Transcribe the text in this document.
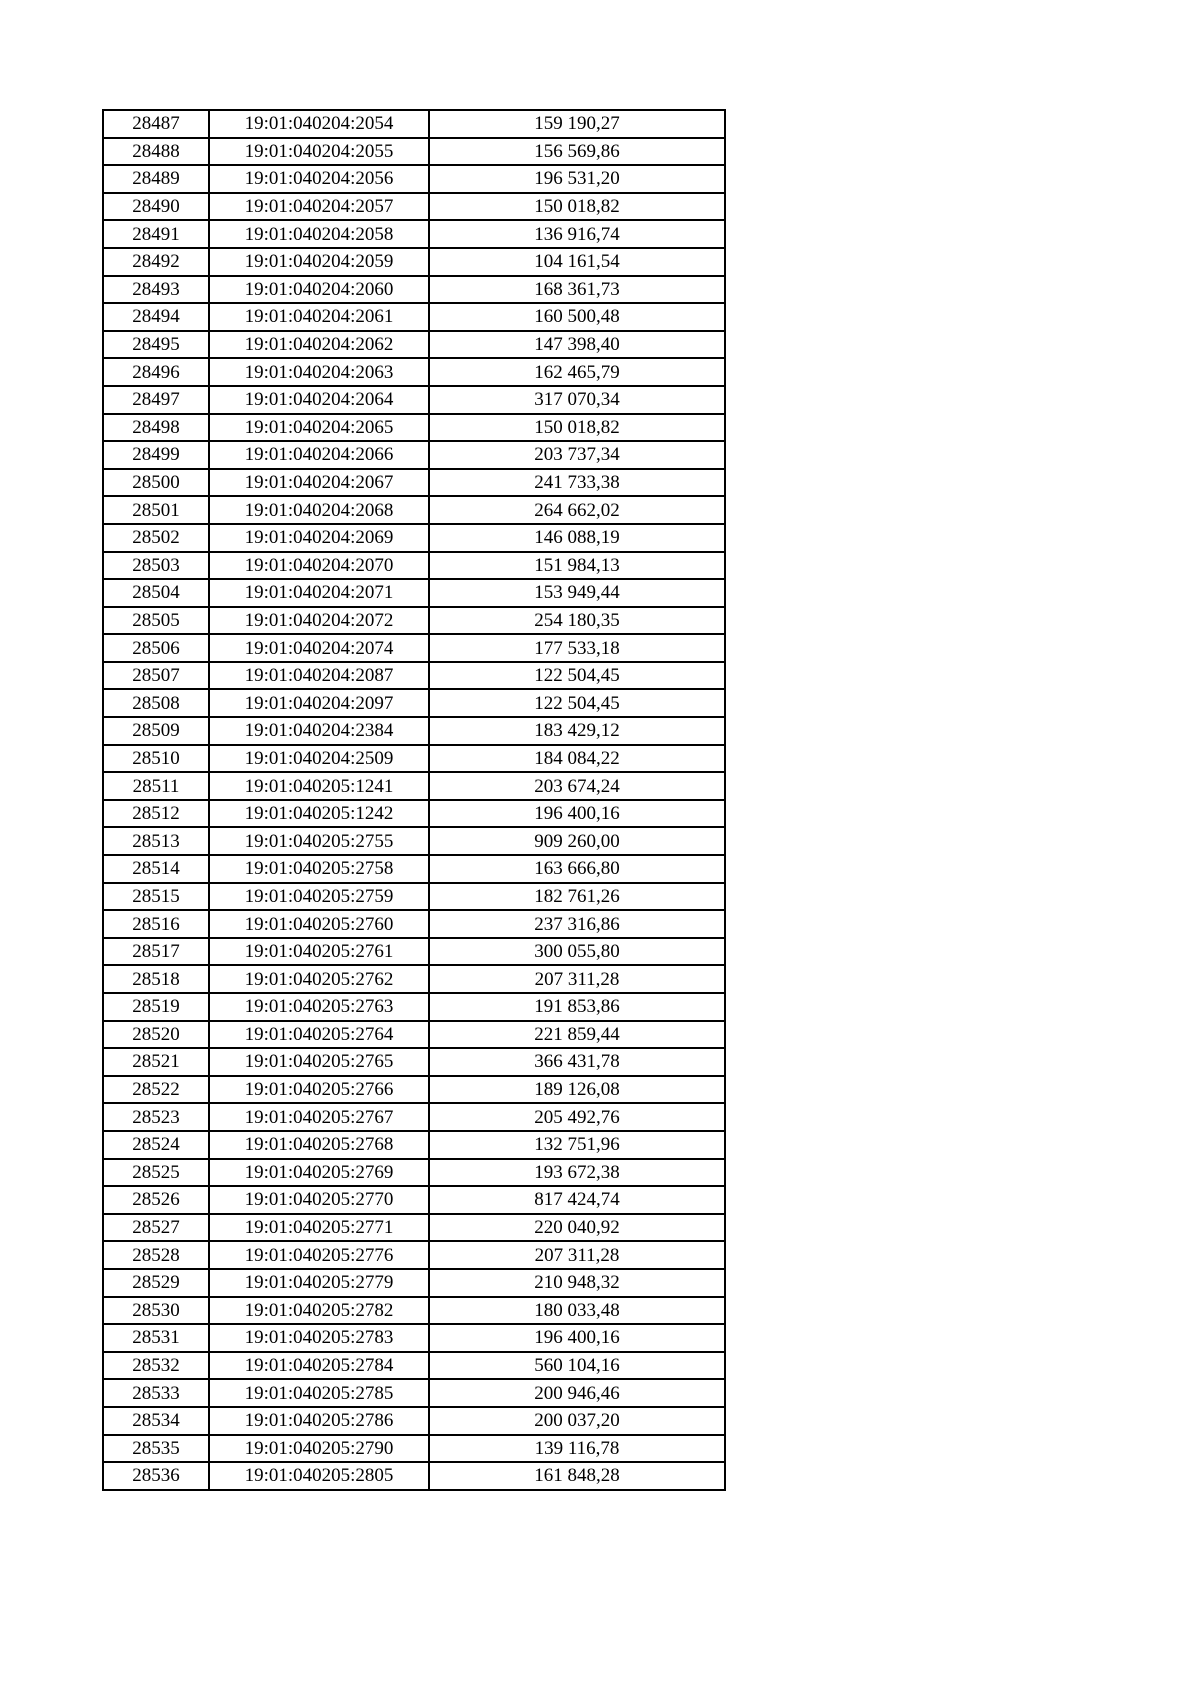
28487	19:01:040204:2054	159 190,27
28488	19:01:040204:2055	156 569,86
28489	19:01:040204:2056	196 531,20
28490	19:01:040204:2057	150 018,82
28491	19:01:040204:2058	136 916,74
28492	19:01:040204:2059	104 161,54
28493	19:01:040204:2060	168 361,73
28494	19:01:040204:2061	160 500,48
28495	19:01:040204:2062	147 398,40
28496	19:01:040204:2063	162 465,79
28497	19:01:040204:2064	317 070,34
28498	19:01:040204:2065	150 018,82
28499	19:01:040204:2066	203 737,34
28500	19:01:040204:2067	241 733,38
28501	19:01:040204:2068	264 662,02
28502	19:01:040204:2069	146 088,19
28503	19:01:040204:2070	151 984,13
28504	19:01:040204:2071	153 949,44
28505	19:01:040204:2072	254 180,35
28506	19:01:040204:2074	177 533,18
28507	19:01:040204:2087	122 504,45
28508	19:01:040204:2097	122 504,45
28509	19:01:040204:2384	183 429,12
28510	19:01:040204:2509	184 084,22
28511	19:01:040205:1241	203 674,24
28512	19:01:040205:1242	196 400,16
28513	19:01:040205:2755	909 260,00
28514	19:01:040205:2758	163 666,80
28515	19:01:040205:2759	182 761,26
28516	19:01:040205:2760	237 316,86
28517	19:01:040205:2761	300 055,80
28518	19:01:040205:2762	207 311,28
28519	19:01:040205:2763	191 853,86
28520	19:01:040205:2764	221 859,44
28521	19:01:040205:2765	366 431,78
28522	19:01:040205:2766	189 126,08
28523	19:01:040205:2767	205 492,76
28524	19:01:040205:2768	132 751,96
28525	19:01:040205:2769	193 672,38
28526	19:01:040205:2770	817 424,74
28527	19:01:040205:2771	220 040,92
28528	19:01:040205:2776	207 311,28
28529	19:01:040205:2779	210 948,32
28530	19:01:040205:2782	180 033,48
28531	19:01:040205:2783	196 400,16
28532	19:01:040205:2784	560 104,16
28533	19:01:040205:2785	200 946,46
28534	19:01:040205:2786	200 037,20
28535	19:01:040205:2790	139 116,78
28536	19:01:040205:2805	161 848,28
